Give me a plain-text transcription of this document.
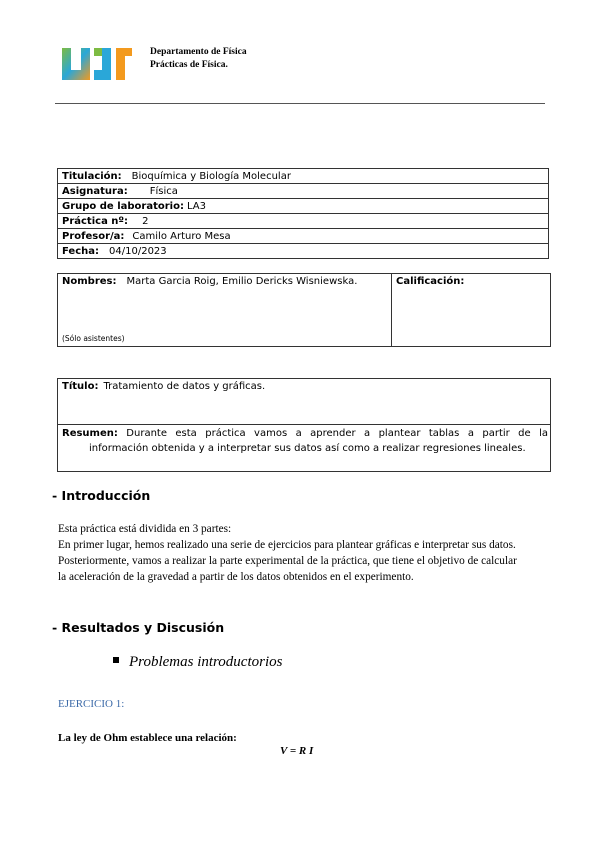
Departamento de Física
Prácticas de Física.
Titulación: Bioquímica y Biología Molecular
Asignatura: Física
Grupo de laboratorio: LA3
Práctica nº: 2
Profesor/a: Camilo Arturo Mesa
Fecha: 04/10/2023
Nombres: Marta Garcia Roig, Emilio Dericks Wisniewska.
(Sólo asistentes)
Calificación:
Título: Tratamiento de datos y gráficas.
Resumen: Durante esta práctica vamos a aprender a plantear tablas a partir de la
información obtenida y a interpretar sus datos así como a realizar regresiones lineales.
- Introducción
Esta práctica está dividida en 3 partes:
En primer lugar, hemos realizado una serie de ejercicios para plantear gráficas e interpretar sus datos.
Posteriormente, vamos a realizar la parte experimental de la práctica, que tiene el objetivo de calcular
la aceleración de la gravedad a partir de los datos obtenidos en el experimento.
- Resultados y Discusión
Problemas introductorios
EJERCICIO 1:
La ley de Ohm establece una relación:
V = R I
